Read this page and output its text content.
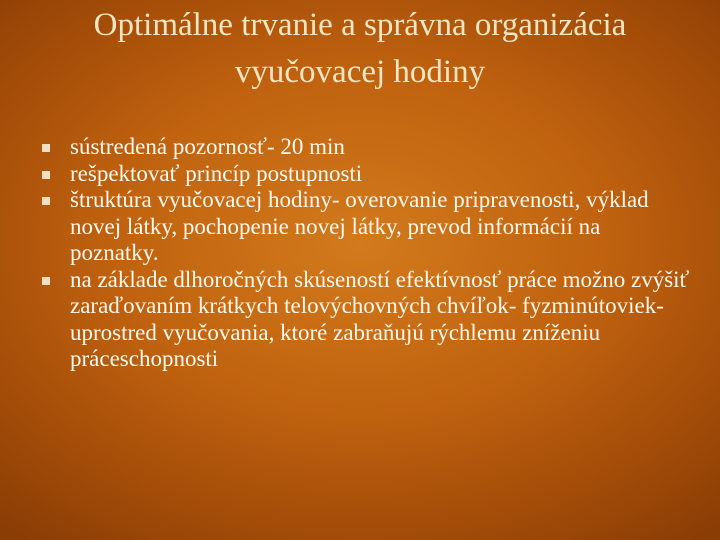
Optimálne trvanie a správna organizácia
vyučovacej hodiny
sústredená pozornosť- 20 min
rešpektovať princíp postupnosti
štruktúra vyučovacej hodiny- overovanie pripravenosti, výklad novej látky, pochopenie novej látky, prevod informácií na poznatky.
na základe dlhoročných skúseností efektívnosť práce možno zvýšiť zaraďovaním krátkych telovýchovných chvíľok- fyzminútoviek- uprostred vyučovania, ktoré zabraňujú rýchlemu zníženiu práceschopnosti
